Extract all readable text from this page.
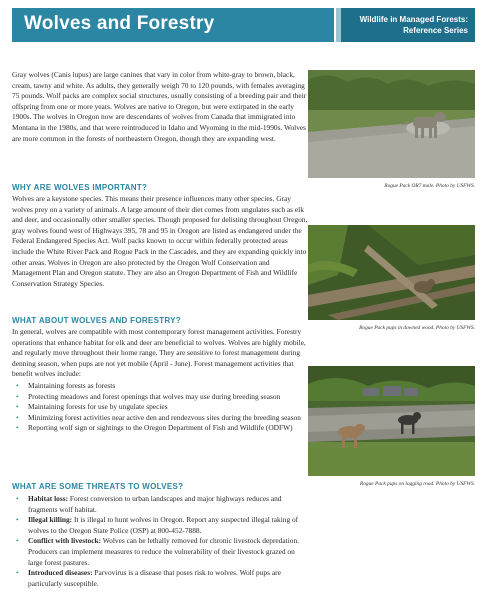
Wolves and Forestry	Wildlife in Managed Forests:
Reference Series
Gray wolves (Canis lupus) are large canines that vary in color from white-gray to brown, black, cream, tawny and white. As adults, they generally weigh 70 to 120 pounds, with females averaging 75 pounds. Wolf packs are complex social structures, usually consisting of a breeding pair and their offspring from one or more years. Wolves are native to Oregon, but were extirpated in the early 1900s. The wolves in Oregon now are descendants of wolves from Canada that immigrated into Montana in the 1980s, and that were reintroduced in Idaho and Wyoming in the mid-1990s. Wolves are more common in the forests of northeastern Oregon, though they are expanding west.
WHY ARE WOLVES IMPORTANT?
Wolves are a keystone species. This means their presence influences many other species. Gray wolves prey on a variety of animals. A large amount of their diet comes from ungulates such as elk and deer, and occasionally other smaller species. Though proposed for delisting throughout Oregon, gray wolves found west of Highways 395, 78 and 95 in Oregon are listed as endangered under the Federal Endangered Species Act. Wolf packs known to occur within federally protected areas include the White River Pack and Rogue Pack in the Cascades, and they are expanding quickly into other areas. Wolves in Oregon are also protected by the Oregon Wolf Conservation and Management Plan and Oregon statute. They are also an Oregon Department of Fish and Wildlife Conservation Strategy Species.
WHAT ABOUT WOLVES AND FORESTRY?
In general, wolves are compatible with most contemporary forest management activities. Forestry operations that enhance habitat for elk and deer are beneficial to wolves. Wolves are highly mobile, and regularly move throughout their home range. They are sensitive to forest management during denning season, when pups are not yet mobile (April - June). Forest management activities that benefit wolves include:
• Maintaining forests as forests
• Protecting meadows and forest openings that wolves may use during breeding season
• Maintaining forests for use by ungulate species
• Minimizing forest activities near active den and rendezvous sites during the breeding season
• Reporting wolf sign or sightings to the Oregon Department of Fish and Wildlife (ODFW)
WHAT ARE SOME THREATS TO WOLVES?
• Habitat loss: Forest conversion to urban landscapes and major highways reduces and fragments wolf habitat.
• Illegal killing: It is illegal to hunt wolves in Oregon. Report any suspected illegal taking of wolves to the Oregon State Police (OSP) at 800-452-7888.
• Conflict with livestock: Wolves can be lethally removed for chronic livestock depredation. Producers can implement measures to reduce the vulnerability of their livestock grazed on large forest pastures.
• Introduced diseases: Parvovirus is a disease that poses risk to wolves. Wolf pups are particularly susceptible.
Rogue Pack OR7 male. Photo by USFWS.
Rogue Pack pups in downed wood. Photo by USFWS.
Rogue Pack pups on logging road. Photo by USFWS.
